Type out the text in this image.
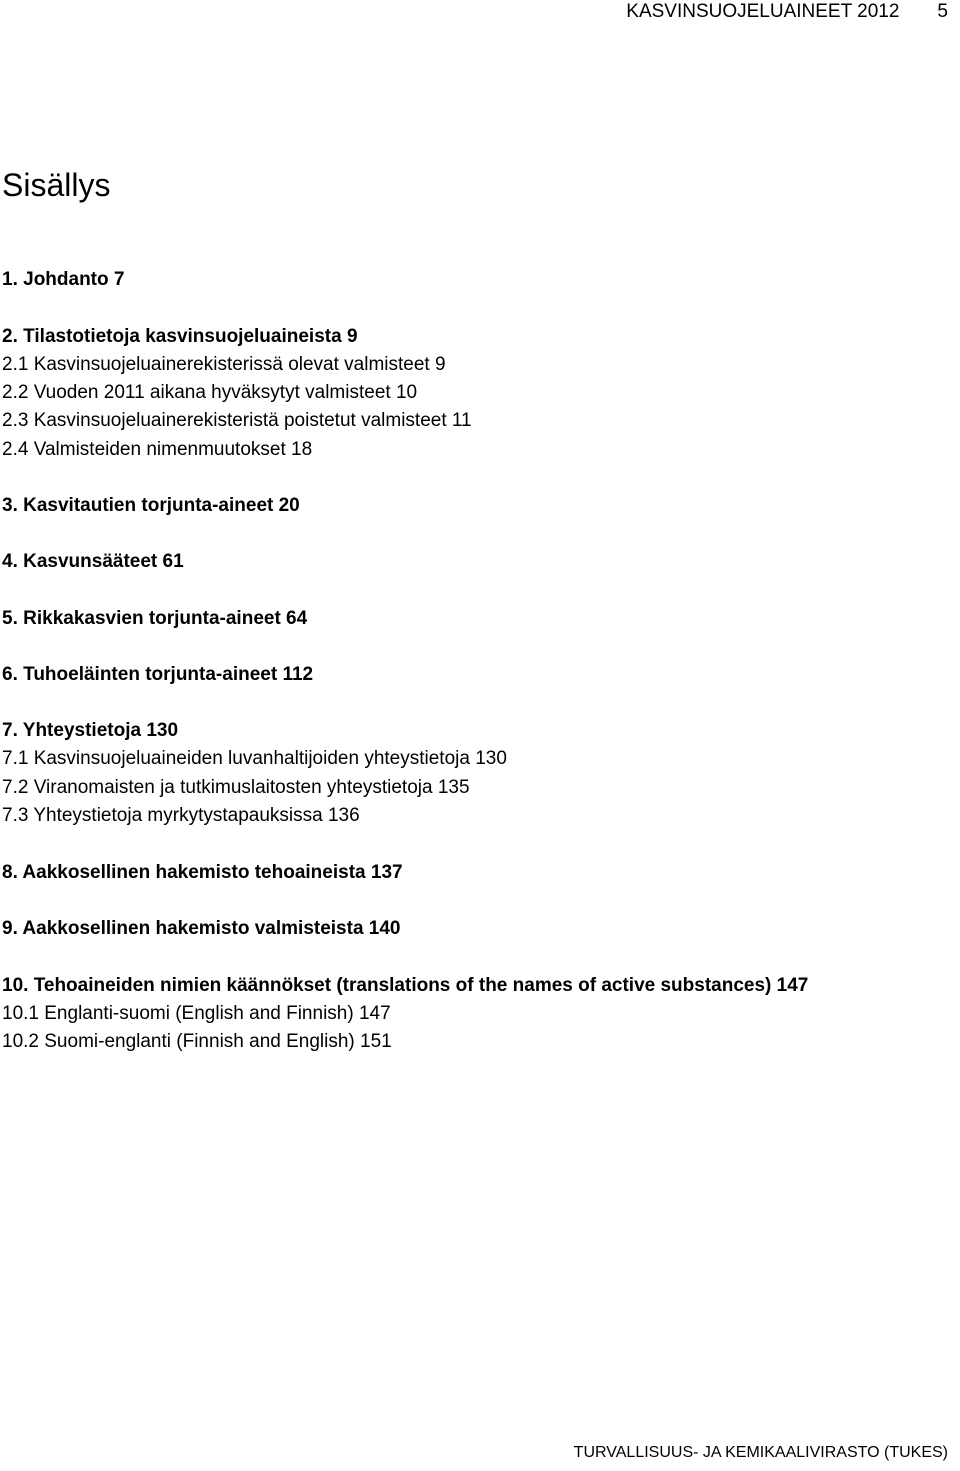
KASVINSUOJELUAINEET 2012 5
Sisällys
1. Johdanto 7
2. Tilastotietoja kasvinsuojeluaineista 9
2.1 Kasvinsuojeluainerekisterissä olevat valmisteet 9
2.2 Vuoden 2011 aikana hyväksytyt valmisteet 10
2.3 Kasvinsuojeluainerekisteristä poistetut valmisteet 11
2.4 Valmisteiden nimenmuutokset 18
3. Kasvitautien torjunta-aineet 20
4. Kasvunsääteet 61
5. Rikkakasvien torjunta-aineet 64
6. Tuhoeläinten torjunta-aineet 112
7. Yhteystietoja 130
7.1 Kasvinsuojeluaineiden luvanhaltijoiden yhteystietoja 130
7.2 Viranomaisten ja tutkimuslaitosten yhteystietoja 135
7.3 Yhteystietoja myrkytystapauksissa 136
8. Aakkosellinen hakemisto tehoaineista 137
9. Aakkosellinen hakemisto valmisteista 140
10. Tehoaineiden nimien käännökset (translations of the names of active substances) 147
10.1 Englanti-suomi (English and Finnish) 147
10.2 Suomi-englanti (Finnish and English) 151
TURVALLISUUS- JA KEMIKAALIVIRASTO (TUKES)
